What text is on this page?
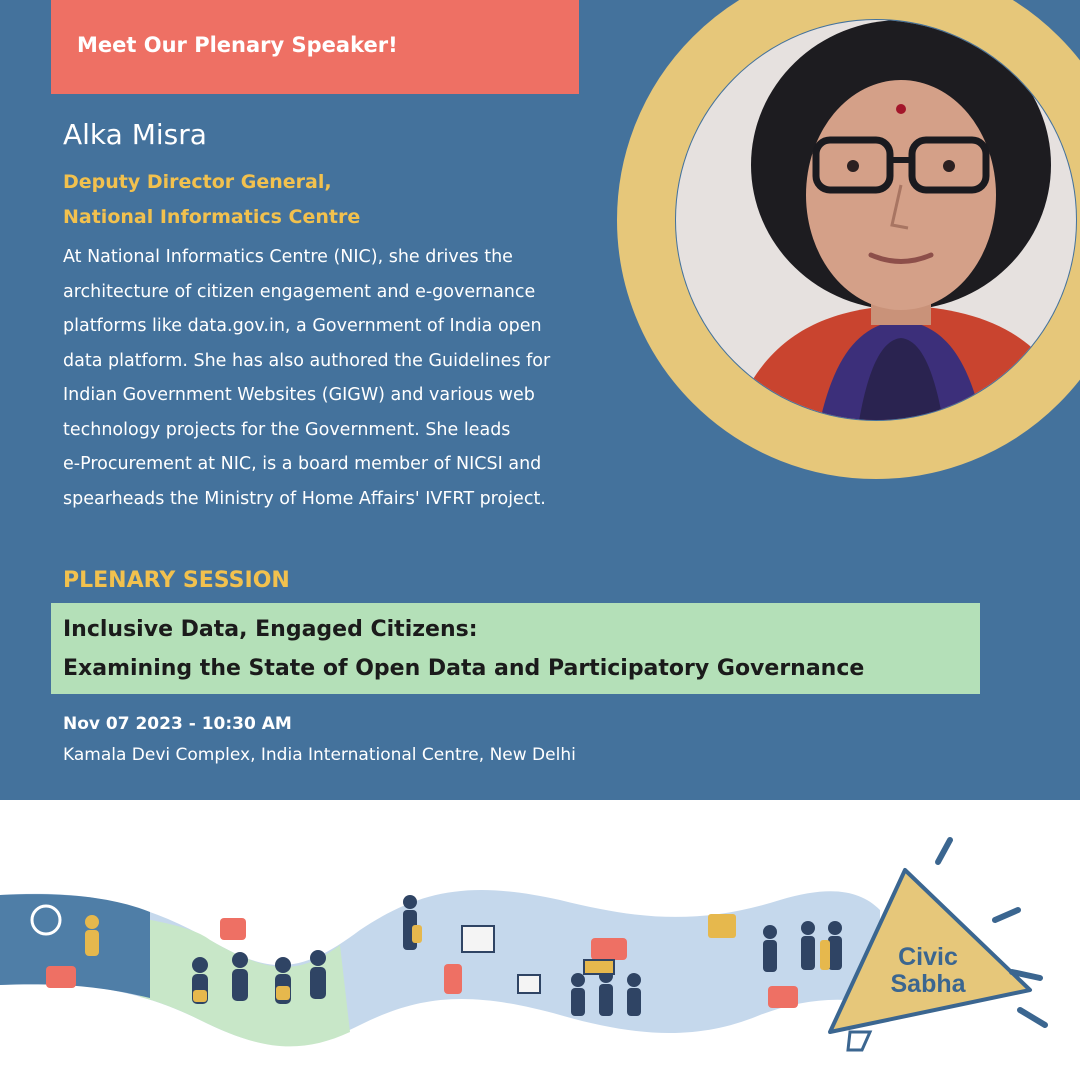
Meet Our Plenary Speaker!
Alka Misra
Deputy Director General,
National Informatics Centre
At National Informatics Centre (NIC), she drives the
architecture of citizen engagement and e-governance
platforms like data.gov.in, a Government of India open
data platform. She has also authored the Guidelines for
Indian Government Websites (GIGW) and various web
technology projects for the Government. She leads
e-Procurement at NIC, is a board member of NICSI and
spearheads the Ministry of Home Affairs' IVFRT project.
PLENARY SESSION
Inclusive Data, Engaged Citizens:
Examining the State of Open Data and Participatory Governance
Nov 07 2023 - 10:30 AM
Kamala Devi Complex, India International Centre, New Delhi
Civic
Sabha
